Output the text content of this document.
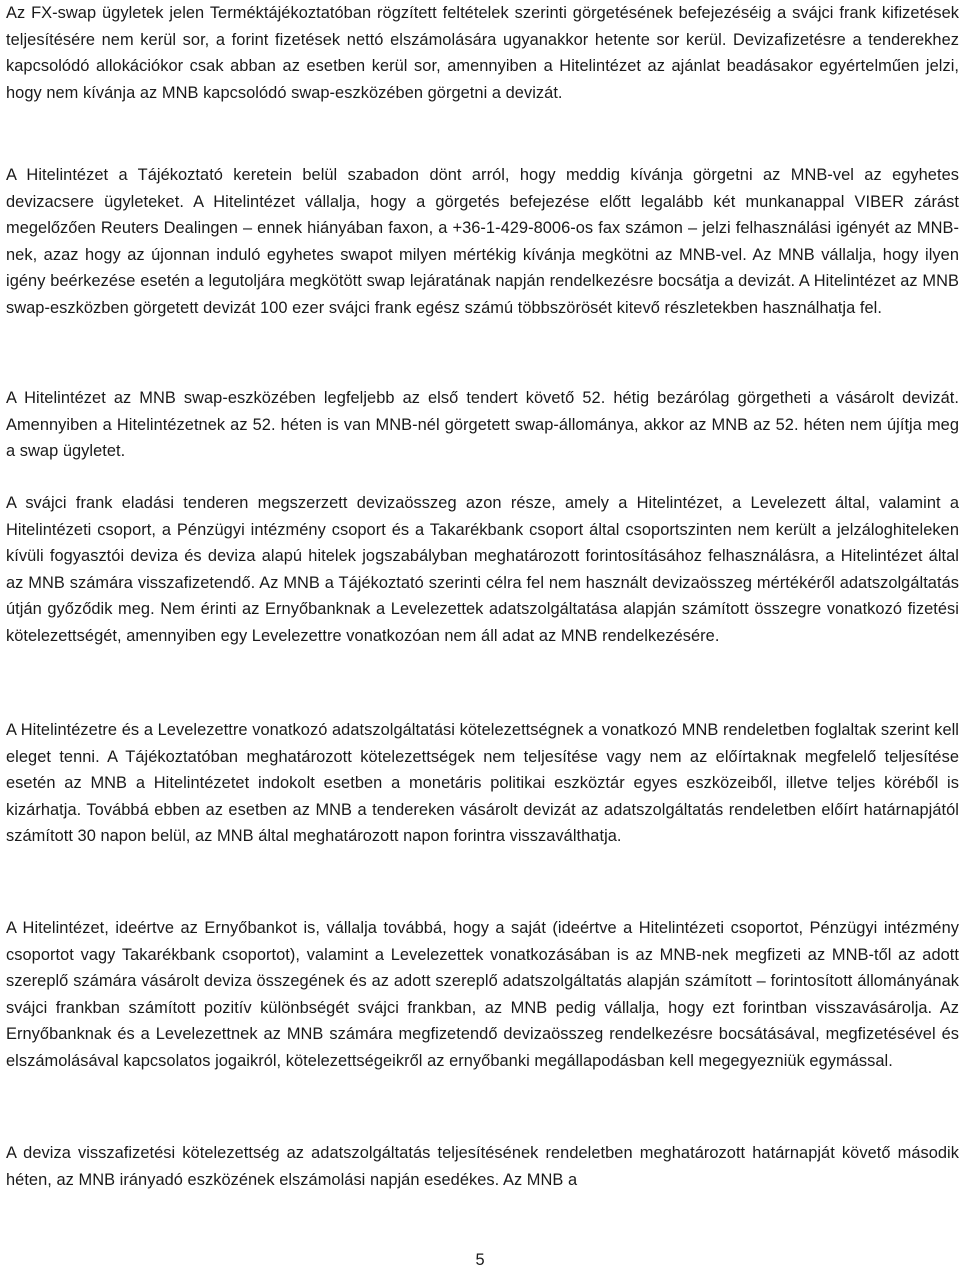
Az FX-swap ügyletek jelen Terméktájékoztatóban rögzített feltételek szerinti görgetésének befejezéséig a svájci frank kifizetések teljesítésére nem kerül sor, a forint fizetések nettó elszámolására ugyanakkor hetente sor kerül. Devizafizetésre a tenderekhez kapcsolódó allokációkor csak abban az esetben kerül sor, amennyiben a Hitelintézet az ajánlat beadásakor egyértelműen jelzi, hogy nem kívánja az MNB kapcsolódó swap-eszközében görgetni a devizát.

A Hitelintézet a Tájékoztató keretein belül szabadon dönt arról, hogy meddig kívánja görgetni az MNB-vel az egyhetes devizacsere ügyleteket. A Hitelintézet vállalja, hogy a görgetés befejezése előtt legalább két munkanappal VIBER zárást megelőzően Reuters Dealingen – ennek hiányában faxon, a +36-1-429-8006-os fax számon – jelzi felhasználási igényét az MNB-nek, azaz hogy az újonnan induló egyhetes swapot milyen mértékig kívánja megkötni az MNB-vel. Az MNB vállalja, hogy ilyen igény beérkezése esetén a legutoljára megkötött swap lejáratának napján rendelkezésre bocsátja a devizát. A Hitelintézet az MNB swap-eszközben görgetett devizát 100 ezer svájci frank egész számú többszörösét kitevő részletekben használhatja fel.

A Hitelintézet az MNB swap-eszközében legfeljebb az első tendert követő 52. hétig bezárólag görgetheti a vásárolt devizát. Amennyiben a Hitelintézetnek az 52. héten is van MNB-nél görgetett swap-állománya, akkor az MNB az 52. héten nem újítja meg a swap ügyletet.

A svájci frank eladási tenderen megszerzett devizaösszeg azon része, amely a Hitelintézet, a Levelezett által, valamint a Hitelintézeti csoport, a Pénzügyi intézmény csoport és a Takarékbank csoport által csoportszinten nem került a jelzáloghiteleken kívüli fogyasztói deviza és deviza alapú hitelek jogszabályban meghatározott forintosításához felhasználásra, a Hitelintézet által az MNB számára visszafizetendő. Az MNB a Tájékoztató szerinti célra fel nem használt devizaösszeg mértékéről adatszolgáltatás útján győződik meg. Nem érinti az Ernyőbanknak a Levelezettek adatszolgáltatása alapján számított összegre vonatkozó fizetési kötelezettségét, amennyiben egy Levelezettre vonatkozóan nem áll adat az MNB rendelkezésére.

A Hitelintézetre és a Levelezettre vonatkozó adatszolgáltatási kötelezettségnek a vonatkozó MNB rendeletben foglaltak szerint kell eleget tenni. A Tájékoztatóban meghatározott kötelezettségek nem teljesítése vagy nem az előírtaknak megfelelő teljesítése esetén az MNB a Hitelintézetet indokolt esetben a monetáris politikai eszköztár egyes eszközeiből, illetve teljes köréből is kizárhatja. Továbbá ebben az esetben az MNB a tendereken vásárolt devizát az adatszolgáltatás rendeletben előírt határnapjától számított 30 napon belül, az MNB által meghatározott napon forintra visszaválthatja.

A Hitelintézet, ideértve az Ernyőbankot is, vállalja továbbá, hogy a saját (ideértve a Hitelintézeti csoportot, Pénzügyi intézmény csoportot vagy Takarékbank csoportot), valamint a Levelezettek vonatkozásában is az MNB-nek megfizeti az MNB-től az adott szereplő számára vásárolt deviza összegének és az adott szereplő adatszolgáltatás alapján számított – forintosított állományának svájci frankban számított pozitív különbségét svájci frankban, az MNB pedig vállalja, hogy ezt forintban visszavásárolja. Az Ernyőbanknak és a Levelezettnek az MNB számára megfizetendő devizaösszeg rendelkezésre bocsátásával, megfizetésével és elszámolásával kapcsolatos jogaikról, kötelezettségeikről az ernyőbanki megállapodásban kell megegyezniük egymással.

A deviza visszafizetési kötelezettség az adatszolgáltatás teljesítésének rendeletben meghatározott határnapját követő második héten, az MNB irányadó eszközének elszámolási napján esedékes. Az MNB a

5
